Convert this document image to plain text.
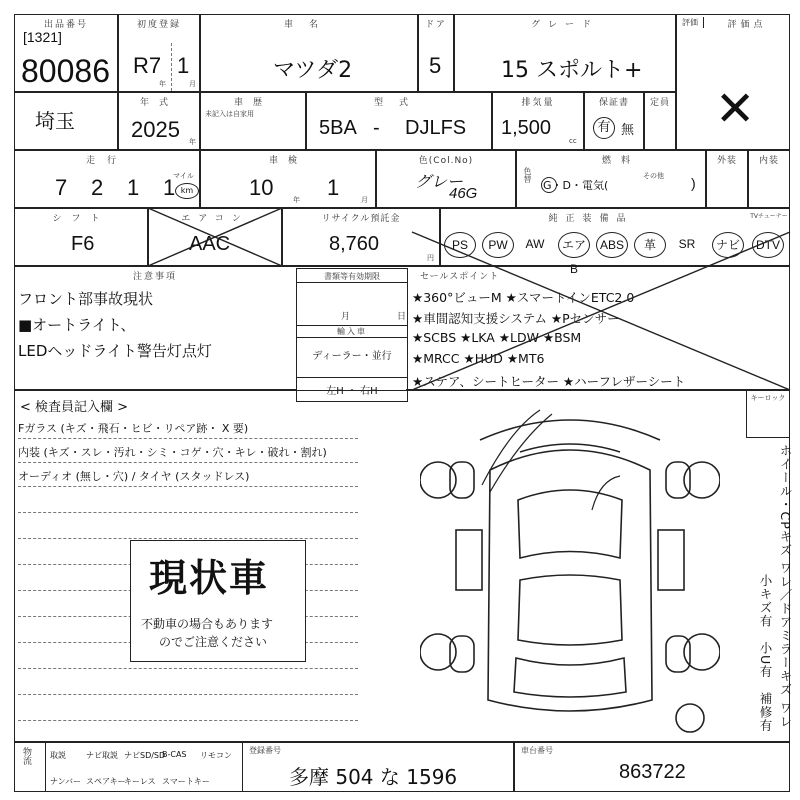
出品番号
[1321]
80086
初度登録
R7 1
年	月
車名
マツダ2
ドア
5
グレード
15 スポルト+
評価	評価点
✕
埼玉
年式
2025 年
車歴
未記入は自家用
型式
5BA - DJLFS
排気量
1,500
cc
保証書
有 無
定員
走行
7 2 1 1
マイル
km
車検
10	年 1	月
色(Col.No)
グレー
46G
色替
燃料
G・D・電気(
その他 )
外装	内装
シフト
F6
エアコン
AAC
リサイクル預託金
8,760
円
純正装備品	TVチューナー
PS	PW	AW	エアB
ABS	革	SR	ナビ	DTV
注意事項
フロント部事故現状
■オートライト、
LEDヘッドライト警告灯点灯
書類等有効期限
月	日
輸入車
ディーラー・並行
左H ・ 右H
セールスポイント
★360°ビューM ★スマートインETC2.0
★車間認知支援システム ★Pセンサー
★SCBS ★LKA ★LDW ★BSM
★MRCC ★HUD ★MT6
★ステア、シートヒーター ★ハーフレザーシート
< 検査員記入欄 >
Fガラス (キズ・飛石・ヒビ・リペア跡・ X 要)
内装 (キズ・スレ・汚れ・シミ・コゲ・穴・キレ・破れ・割れ)
オーディオ (無し・穴) / タイヤ (スタッドレス)
現状車
不動車の場合もあります
のでご注意ください
キーロック
ホイール・CPキズ ワレ／ドアミラーキズ ワレ
小キズ有　小U有　補修有
物流 取説	ナビ取説 ナビSD/SD
B-CAS リモコン
ナンバー スペアキー
キーレス スマートキー
登録番号
多摩 504 な 1596
車台番号
863722
